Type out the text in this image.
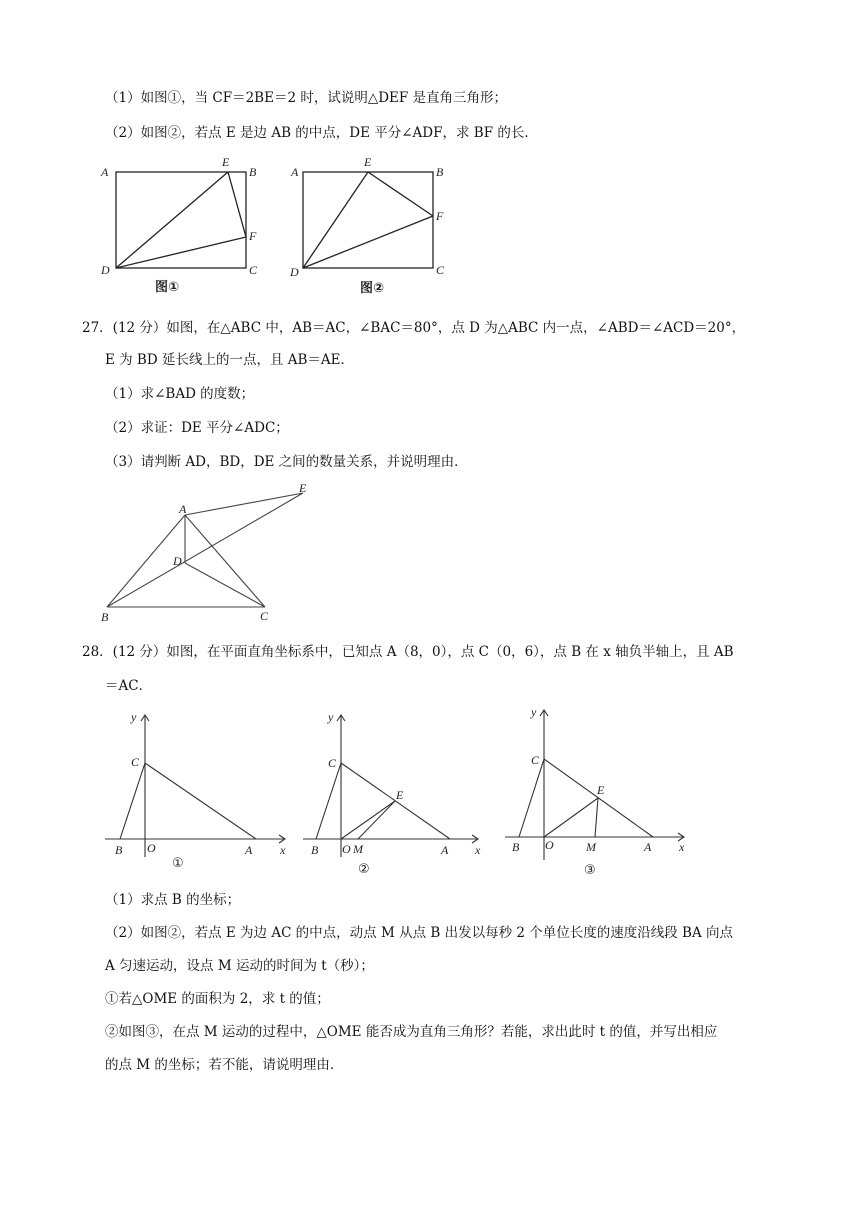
（1）如图①，当 CF＝2BE＝2 时，试说明△DEF 是直角三角形；
（2）如图②，若点 E 是边 AB 的中点，DE 平分∠ADF，求 BF 的长．
A
E
B
F
D	C
图①
A
E
B
F
D	C
图②
27．(12 分）如图，在△ABC 中，AB＝AC，∠BAC＝80°，点 D 为△ABC 内一点，∠ABD＝∠ACD＝20°，
E 为 BD 延长线上的一点，且 AB＝AE．
（1）求∠BAD 的度数；
（2）求证：DE 平分∠ADC；
（3）请判断 AD，BD，DE 之间的数量关系，并说明理由．
A
E
D
B	C
28．(12 分）如图，在平面直角坐标系中，已知点 A（8，0），点 C（0，6），点 B 在 x 轴负半轴上，且 AB
＝AC．
y
C
B O	A x
①
y
C
E
B O M	A x
②
y
C
E
B O	M	A x
③
（1）求点 B 的坐标；
（2）如图②，若点 E 为边 AC 的中点，动点 M 从点 B 出发以每秒 2 个单位长度的速度沿线段 BA 向点
A 匀速运动，设点 M 运动的时间为 t（秒）；
①若△OME 的面积为 2，求 t 的值；
②如图③，在点 M 运动的过程中，△OME 能否成为直角三角形？若能，求出此时 t 的值，并写出相应
的点 M 的坐标；若不能，请说明理由．
